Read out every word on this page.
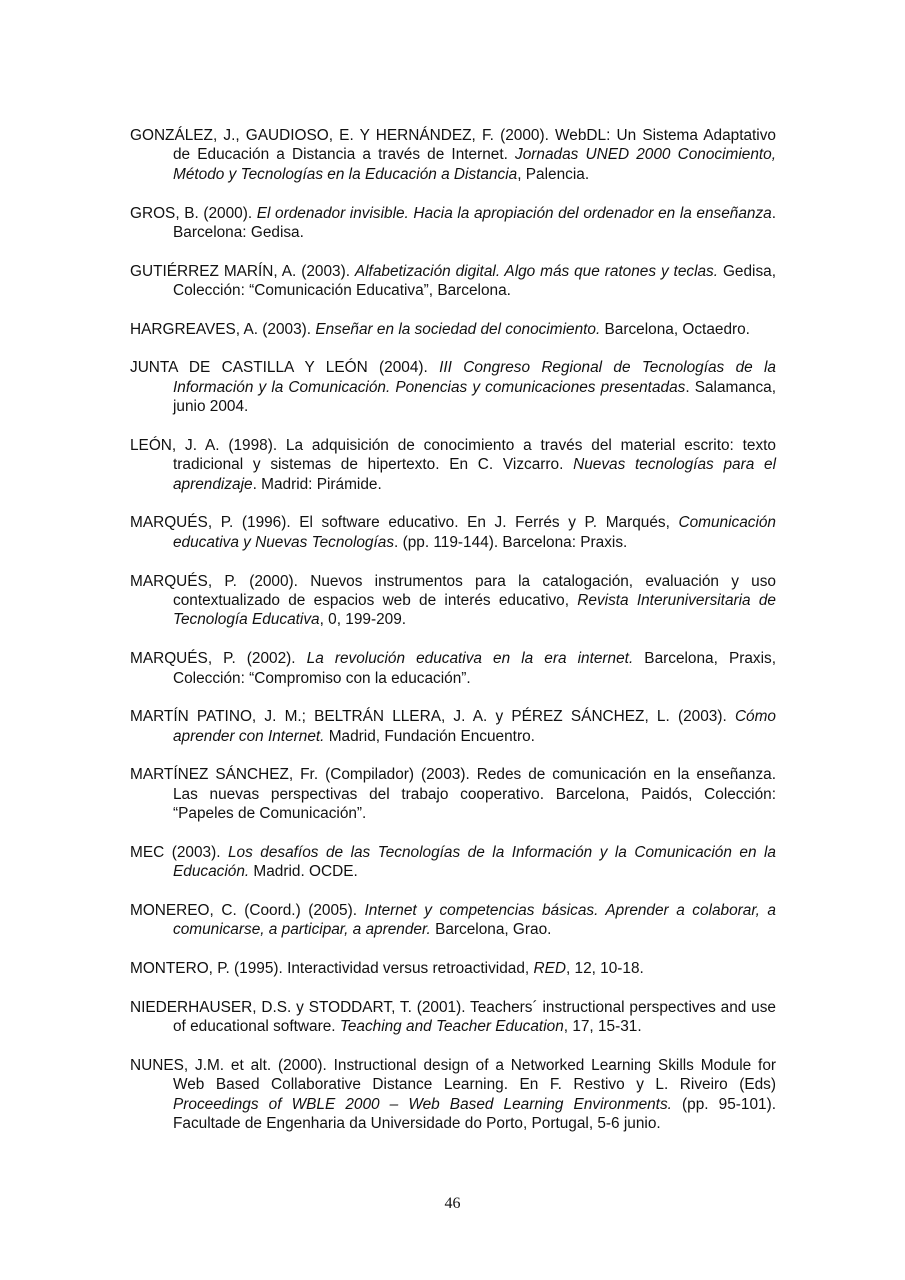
GONZÁLEZ, J., GAUDIOSO, E. Y HERNÁNDEZ, F. (2000). WebDL: Un Sistema Adaptativo de Educación a Distancia a través de Internet. Jornadas UNED 2000 Conocimiento, Método y Tecnologías en la Educación a Distancia, Palencia.

GROS, B. (2000). El ordenador invisible. Hacia la apropiación del ordenador en la enseñanza. Barcelona: Gedisa.

GUTIÉRREZ MARÍN, A. (2003). Alfabetización digital. Algo más que ratones y teclas. Gedisa, Colección: “Comunicación Educativa”, Barcelona.

HARGREAVES, A. (2003). Enseñar en la sociedad del conocimiento. Barcelona, Octaedro.

JUNTA DE CASTILLA Y LEÓN (2004). III Congreso Regional de Tecnologías de la Información y la Comunicación. Ponencias y comunicaciones presentadas. Salamanca, junio 2004.

LEÓN, J. A. (1998). La adquisición de conocimiento a través del material escrito: texto tradicional y sistemas de hipertexto. En C. Vizcarro. Nuevas tecnologías para el aprendizaje. Madrid: Pirámide.

MARQUÉS, P. (1996). El software educativo. En J. Ferrés y P. Marqués, Comunicación educativa y Nuevas Tecnologías. (pp. 119-144). Barcelona: Praxis.

MARQUÉS, P. (2000). Nuevos instrumentos para la catalogación, evaluación y uso contextualizado de espacios web de interés educativo, Revista Interuniversitaria de Tecnología Educativa, 0, 199-209.

MARQUÉS, P. (2002). La revolución educativa en la era internet. Barcelona, Praxis, Colección: “Compromiso con la educación”.

MARTÍN PATINO, J. M.; BELTRÁN LLERA, J. A. y PÉREZ SÁNCHEZ, L. (2003). Cómo aprender con Internet. Madrid, Fundación Encuentro.

MARTÍNEZ SÁNCHEZ, Fr. (Compilador) (2003). Redes de comunicación en la enseñanza. Las nuevas perspectivas del trabajo cooperativo. Barcelona, Paidós, Colección: “Papeles de Comunicación”.

MEC (2003). Los desafíos de las Tecnologías de la Información y la Comunicación en la Educación. Madrid. OCDE.

MONEREO, C. (Coord.) (2005). Internet y competencias básicas. Aprender a colaborar, a comunicarse, a participar, a aprender. Barcelona, Grao.

MONTERO, P. (1995). Interactividad versus retroactividad, RED, 12, 10-18.

NIEDERHAUSER, D.S. y STODDART, T. (2001). Teachers´ instructional perspectives and use of educational software. Teaching and Teacher Education, 17, 15-31.

NUNES, J.M. et alt. (2000). Instructional design of a Networked Learning Skills Module for Web Based Collaborative Distance Learning. En F. Restivo y L. Riveiro (Eds) Proceedings of WBLE 2000 – Web Based Learning Environments. (pp. 95-101). Facultade de Engenharia da Universidade do Porto, Portugal, 5-6 junio.

46
